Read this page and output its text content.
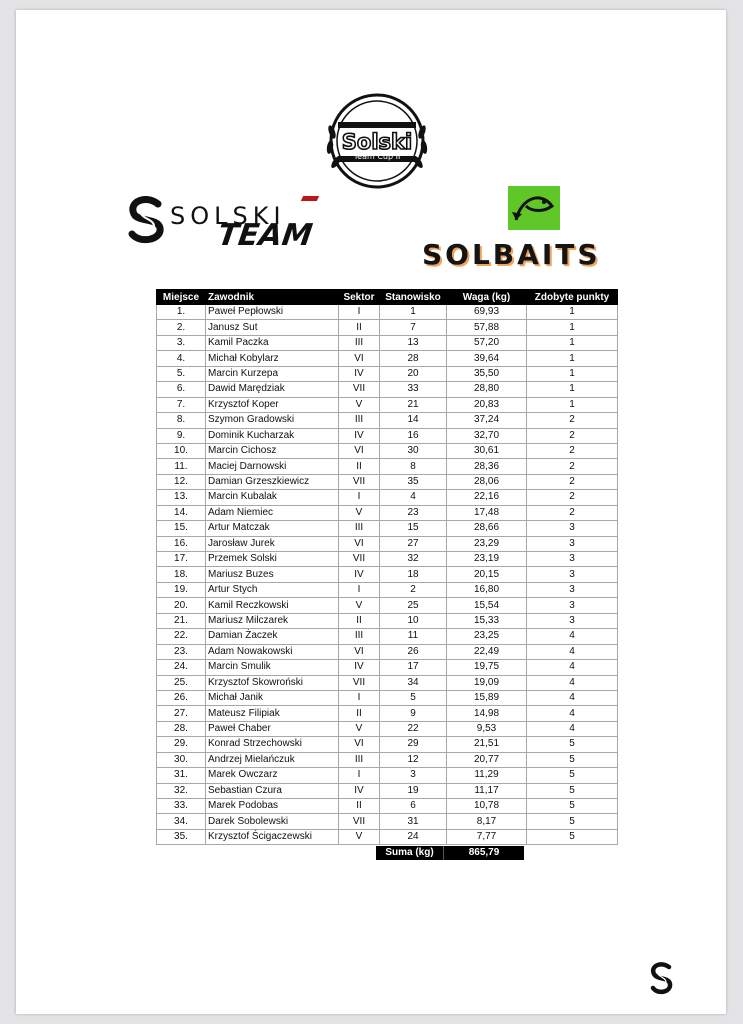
Solski
Team Cup II
SOLSKI
TEAM
SOLBAITS
Miejsce	Zawodnik	Sektor	Stanowisko	Waga (kg)	Zdobyte punkty
1.	Paweł Pepłowski	I	1	69,93	1
2.	Janusz Sut	II	7	57,88	1
3.	Kamil Paczka	III	13	57,20	1
4.	Michał Kobylarz	VI	28	39,64	1
5.	Marcin Kurzepa	IV	20	35,50	1
6.	Dawid Marędziak	VII	33	28,80	1
7.	Krzysztof Koper	V	21	20,83	1
8.	Szymon Gradowski	III	14	37,24	2
9.	Dominik Kucharzak	IV	16	32,70	2
10.	Marcin Cichosz	VI	30	30,61	2
11.	Maciej Darnowski	II	8	28,36	2
12.	Damian Grzeszkiewicz	VII	35	28,06	2
13.	Marcin Kubalak	I	4	22,16	2
14.	Adam Niemiec	V	23	17,48	2
15.	Artur Matczak	III	15	28,66	3
16.	Jarosław Jurek	VI	27	23,29	3
17.	Przemek Solski	VII	32	23,19	3
18.	Mariusz Buzes	IV	18	20,15	3
19.	Artur Stych	I	2	16,80	3
20.	Kamil Reczkowski	V	25	15,54	3
21.	Mariusz Milczarek	II	10	15,33	3
22.	Damian Żaczek	III	11	23,25	4
23.	Adam Nowakowski	VI	26	22,49	4
24.	Marcin Smulik	IV	17	19,75	4
25.	Krzysztof Skowroński	VII	34	19,09	4
26.	Michał Janik	I	5	15,89	4
27.	Mateusz Filipiak	II	9	14,98	4
28.	Paweł Chaber	V	22	9,53	4
29.	Konrad Strzechowski	VI	29	21,51	5
30.	Andrzej Mielańczuk	III	12	20,77	5
31.	Marek Owczarz	I	3	11,29	5
32.	Sebastian Czura	IV	19	11,17	5
33.	Marek Podobas	II	6	10,78	5
34.	Darek Sobolewski	VII	31	8,17	5
35.	Krzysztof Ścigaczewski	V	24	7,77	5
Suma (kg)	865,79
